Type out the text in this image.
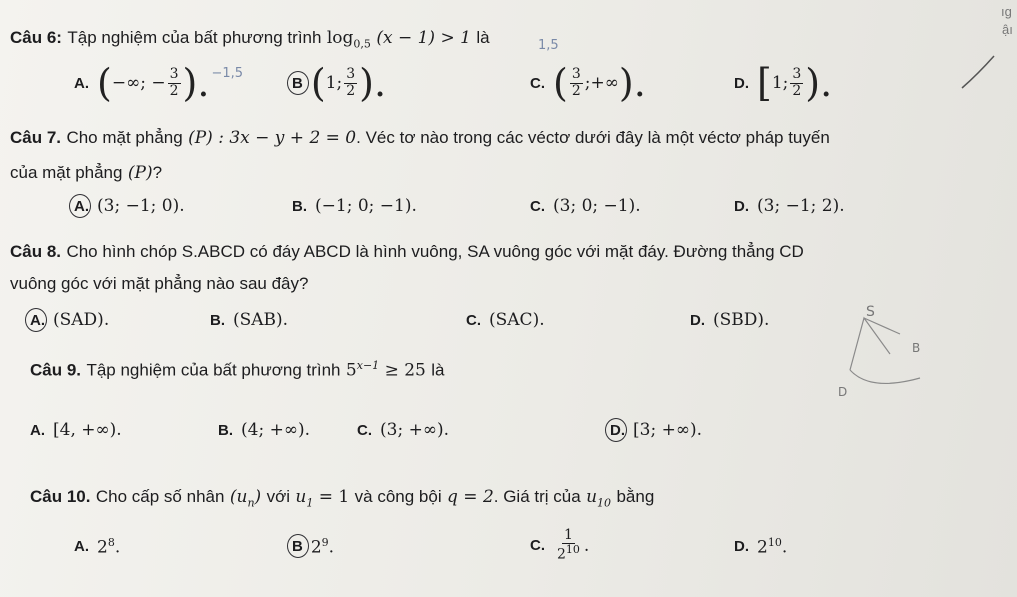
ıg
ậı
Câu 6: Tập nghiệm của bất phương trình $\log_{0,5} (x - 1) > 1$ là	1,5
A. ( −∞; − $\frac{3}{2}$ ). −1,5
B ( 1; $\frac{3}{2}$ ).	C. ( $\frac{3}{2}$ ;+∞ ).	D. [ 1; $\frac{3}{2}$ ).
Câu 7. Cho mặt phẳng (P) : 3x − y + 2 = 0. Véc tơ nào trong các véctơ dưới đây là một véctơ pháp tuyến
của mặt phẳng (P)?
A. (3; −1; 0).	B. (−1; 0; −1).	C. (3; 0; −1).	D. (3; −1; 2).
Câu 8. Cho hình chóp S.ABCD có đáy ABCD là hình vuông, SA vuông góc với mặt đáy. Đường thẳng CD
vuông góc với mặt phẳng nào sau đây?
A. (SAD).	B. (SAB).	C. (SAC).	D. (SBD).	S
B
D
Câu 9. Tập nghiệm của bất phương trình $5^{x-1} \ge 25$ là
A. [4, +∞).	B. (4; +∞).	C. (3; +∞).	D. [3; +∞).
Câu 10. Cho cấp số nhân $(u_n)$ với $u_1 = 1$ và công bội q = 2. Giá trị của $u_{10}$ bằng
A. $2^8$.	B $2^9$.	C. $\frac{1}{2^{10}}$ .	D. $2^{10}$.
